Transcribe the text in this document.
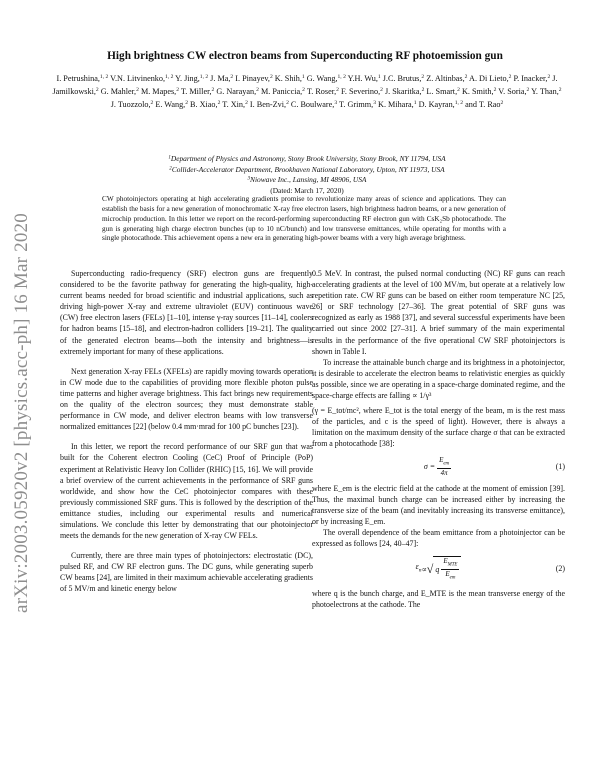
arXiv:2003.05920v2 [physics.acc-ph] 16 Mar 2020
High brightness CW electron beams from Superconducting RF photoemission gun
I. Petrushina,$^{1, 2}$ V.N. Litvinenko,$^{1, 2}$ Y. Jing,$^{1, 2}$ J. Ma,$^2$ I. Pinayev,$^2$ K. Shih,$^1$ G. Wang,$^{1, 2}$ Y.H. Wu,$^1$ J.C. Brutus,$^2$ Z. Altinbas,$^2$ A. Di Lieto,$^2$ P. Inacker,$^2$ J. Jamilkowski,$^2$ G. Mahler,$^2$ M. Mapes,$^2$ T. Miller,$^2$ G. Narayan,$^2$ M. Paniccia,$^2$ T. Roser,$^2$ F. Severino,$^2$ J. Skaritka,$^2$ L. Smart,$^2$ K. Smith,$^2$ V. Soria,$^2$ Y. Than,$^2$ J. Tuozzolo,$^2$ E. Wang,$^2$ B. Xiao,$^2$ T. Xin,$^2$ I. Ben-Zvi,$^2$ C. Boulware,$^3$ T. Grimm,$^3$ K. Mihara,$^1$ D. Kayran,$^{1, 2}$ and T. Rao$^2$
$^1$Department of Physics and Astronomy, Stony Brook University, Stony Brook, NY 11794, USA
$^2$Collider-Accelerator Department, Brookhaven National Laboratory, Upton, NY 11973, USA
$^3$Niowave Inc., Lansing, MI 48906, USA
(Dated: March 17, 2020)

CW photoinjectors operating at high accelerating gradients promise to revolutionize many areas of science and applications. They can establish the basis for a new generation of monochromatic X-ray free electron lasers, high brightness hadron beams, or a new generation of microchip production. In this letter we report on the record-performing superconducting RF electron gun with CsK₂Sb photocathode. The gun is generating high charge electron bunches (up to 10 nC/bunch) and low transverse emittances, while operating for months with a single photocathode. This achievement opens a new era in generating high-power beams with a very high average brightness.

Superconducting radio-frequency (SRF) electron guns are frequently considered to be the favorite pathway for generating the high-quality, high-current beams needed for broad scientific and industrial applications, such as driving high-power X-ray and extreme ultraviolet (EUV) continuous wave (CW) free electron lasers (FELs) [1–10], intense γ-ray sources [11–14], coolers for hadron beams [15–18], and electron-hadron colliders [19–21]. The quality of the generated electron beams—both the intensity and brightness—is extremely important for many of these applications.

Next generation X-ray FELs (XFELs) are rapidly moving towards operation in CW mode due to the capabilities of providing more flexible photon pulse time patterns and higher average brightness. This fact brings new requirements on the quality of the electron sources; they must demonstrate stable performance in CW mode, and deliver electron beams with low transverse normalized emittances [22] (below 0.4 mm·mrad for 100 pC bunches [23]).

In this letter, we report the record performance of our SRF gun that was built for the Coherent electron Cooling (CeC) Proof of Principle (PoP) experiment at Relativistic Heavy Ion Collider (RHIC) [15, 16]. We will provide a brief overview of the current achievements in the performance of SRF guns worldwide, and show how the CeC photoinjector compares with these previously commissioned SRF guns. This is followed by the description of the emittance studies, including our experimental results and numerical simulations. We conclude this letter by demonstrating that our photoinjector meets the demands for the new generation of X-ray CW FELs.

Currently, there are three main types of photoinjectors: electrostatic (DC), pulsed RF, and CW RF electron guns. The DC guns, while generating superb CW beams [24], are limited in their maximum achievable accelerating gradients of 5 MV/m and kinetic energy below

0.5 MeV. In contrast, the pulsed normal conducting (NC) RF guns can reach accelerating gradients at the level of 100 MV/m, but operate at a relatively low repetition rate. CW RF guns can be based on either room temperature NC [25, 26] or SRF technology [27–36]. The great potential of SRF guns was recognized as early as 1988 [37], and several successful experiments have been carried out since 2002 [27–31]. A brief summary of the main experimental results in the performance of the five operational CW SRF photoinjectors is shown in Table I.

To increase the attainable bunch charge and its brightness in a photoinjector, it is desirable to accelerate the electron beams to relativistic energies as quickly as possible, since we are operating in a space-charge dominated regime, and the space-charge effects are falling ∝ 1/γ³

(γ = E_tot/mc², where E_tot is the total energy of the beam, m is the rest mass of the particles, and c is the speed of light). However, there is always a limitation on the maximum density of the surface charge σ that can be extracted from a photocathode [38]:

$\sigma = \frac{E_{em}}{4\pi}$	(1)

where E_em is the electric field at the cathode at the moment of emission [39]. Thus, the maximal bunch charge can be increased either by increasing the transverse size of the beam (and inevitably increasing its transverse emittance), or by increasing E_em.

The overall dependence of the beam emittance from a photoinjector can be expressed as follows [24, 40–47]:

$\varepsilon_n$ ∝ √ q $\frac{E_{MTE}}{E_{em}}$	(2)

where q is the bunch charge, and E_MTE is the mean transverse energy of the photoelectrons at the cathode. The
